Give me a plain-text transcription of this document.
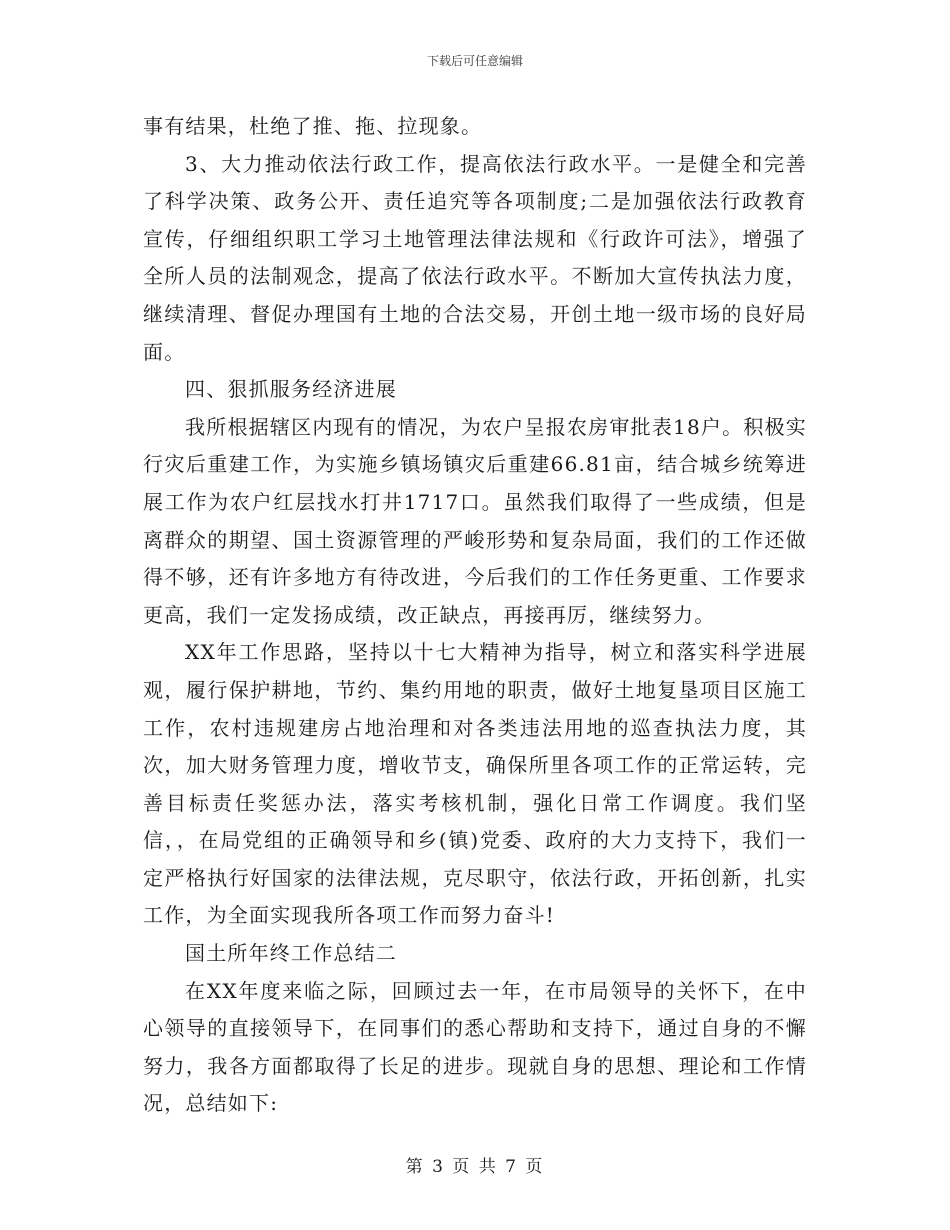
下载后可任意编辑

事有结果，杜绝了推、拖、拉现象。

3、大力推动依法行政工作，提高依法行政水平。一是健全和完善了科学决策、政务公开、责任追究等各项制度;二是加强依法行政教育宣传，仔细组织职工学习土地管理法律法规和《行政许可法》，增强了全所人员的法制观念，提高了依法行政水平。不断加大宣传执法力度，继续清理、督促办理国有土地的合法交易，开创土地一级市场的良好局面。

四、狠抓服务经济进展

我所根据辖区内现有的情况，为农户呈报农房审批表18户。积极实行灾后重建工作，为实施乡镇场镇灾后重建66.81亩，结合城乡统筹进展工作为农户红层找水打井1717口。虽然我们取得了一些成绩，但是离群众的期望、国土资源管理的严峻形势和复杂局面，我们的工作还做得不够，还有许多地方有待改进，今后我们的工作任务更重、工作要求更高，我们一定发扬成绩，改正缺点，再接再厉，继续努力。

XX年工作思路，坚持以十七大精神为指导，树立和落实科学进展观，履行保护耕地，节约、集约用地的职责，做好土地复垦项目区施工工作，农村违规建房占地治理和对各类违法用地的巡查执法力度，其次，加大财务管理力度，增收节支，确保所里各项工作的正常运转，完善目标责任奖惩办法，落实考核机制，强化日常工作调度。我们坚信，，在局党组的正确领导和乡(镇)党委、政府的大力支持下，我们一定严格执行好国家的法律法规，克尽职守，依法行政，开拓创新，扎实工作，为全面实现我所各项工作而努力奋斗!

国土所年终工作总结二

在XX年度来临之际，回顾过去一年，在市局领导的关怀下，在中心领导的直接领导下，在同事们的悉心帮助和支持下，通过自身的不懈努力，我各方面都取得了长足的进步。现就自身的思想、理论和工作情况，总结如下:

第 3 页 共 7 页
